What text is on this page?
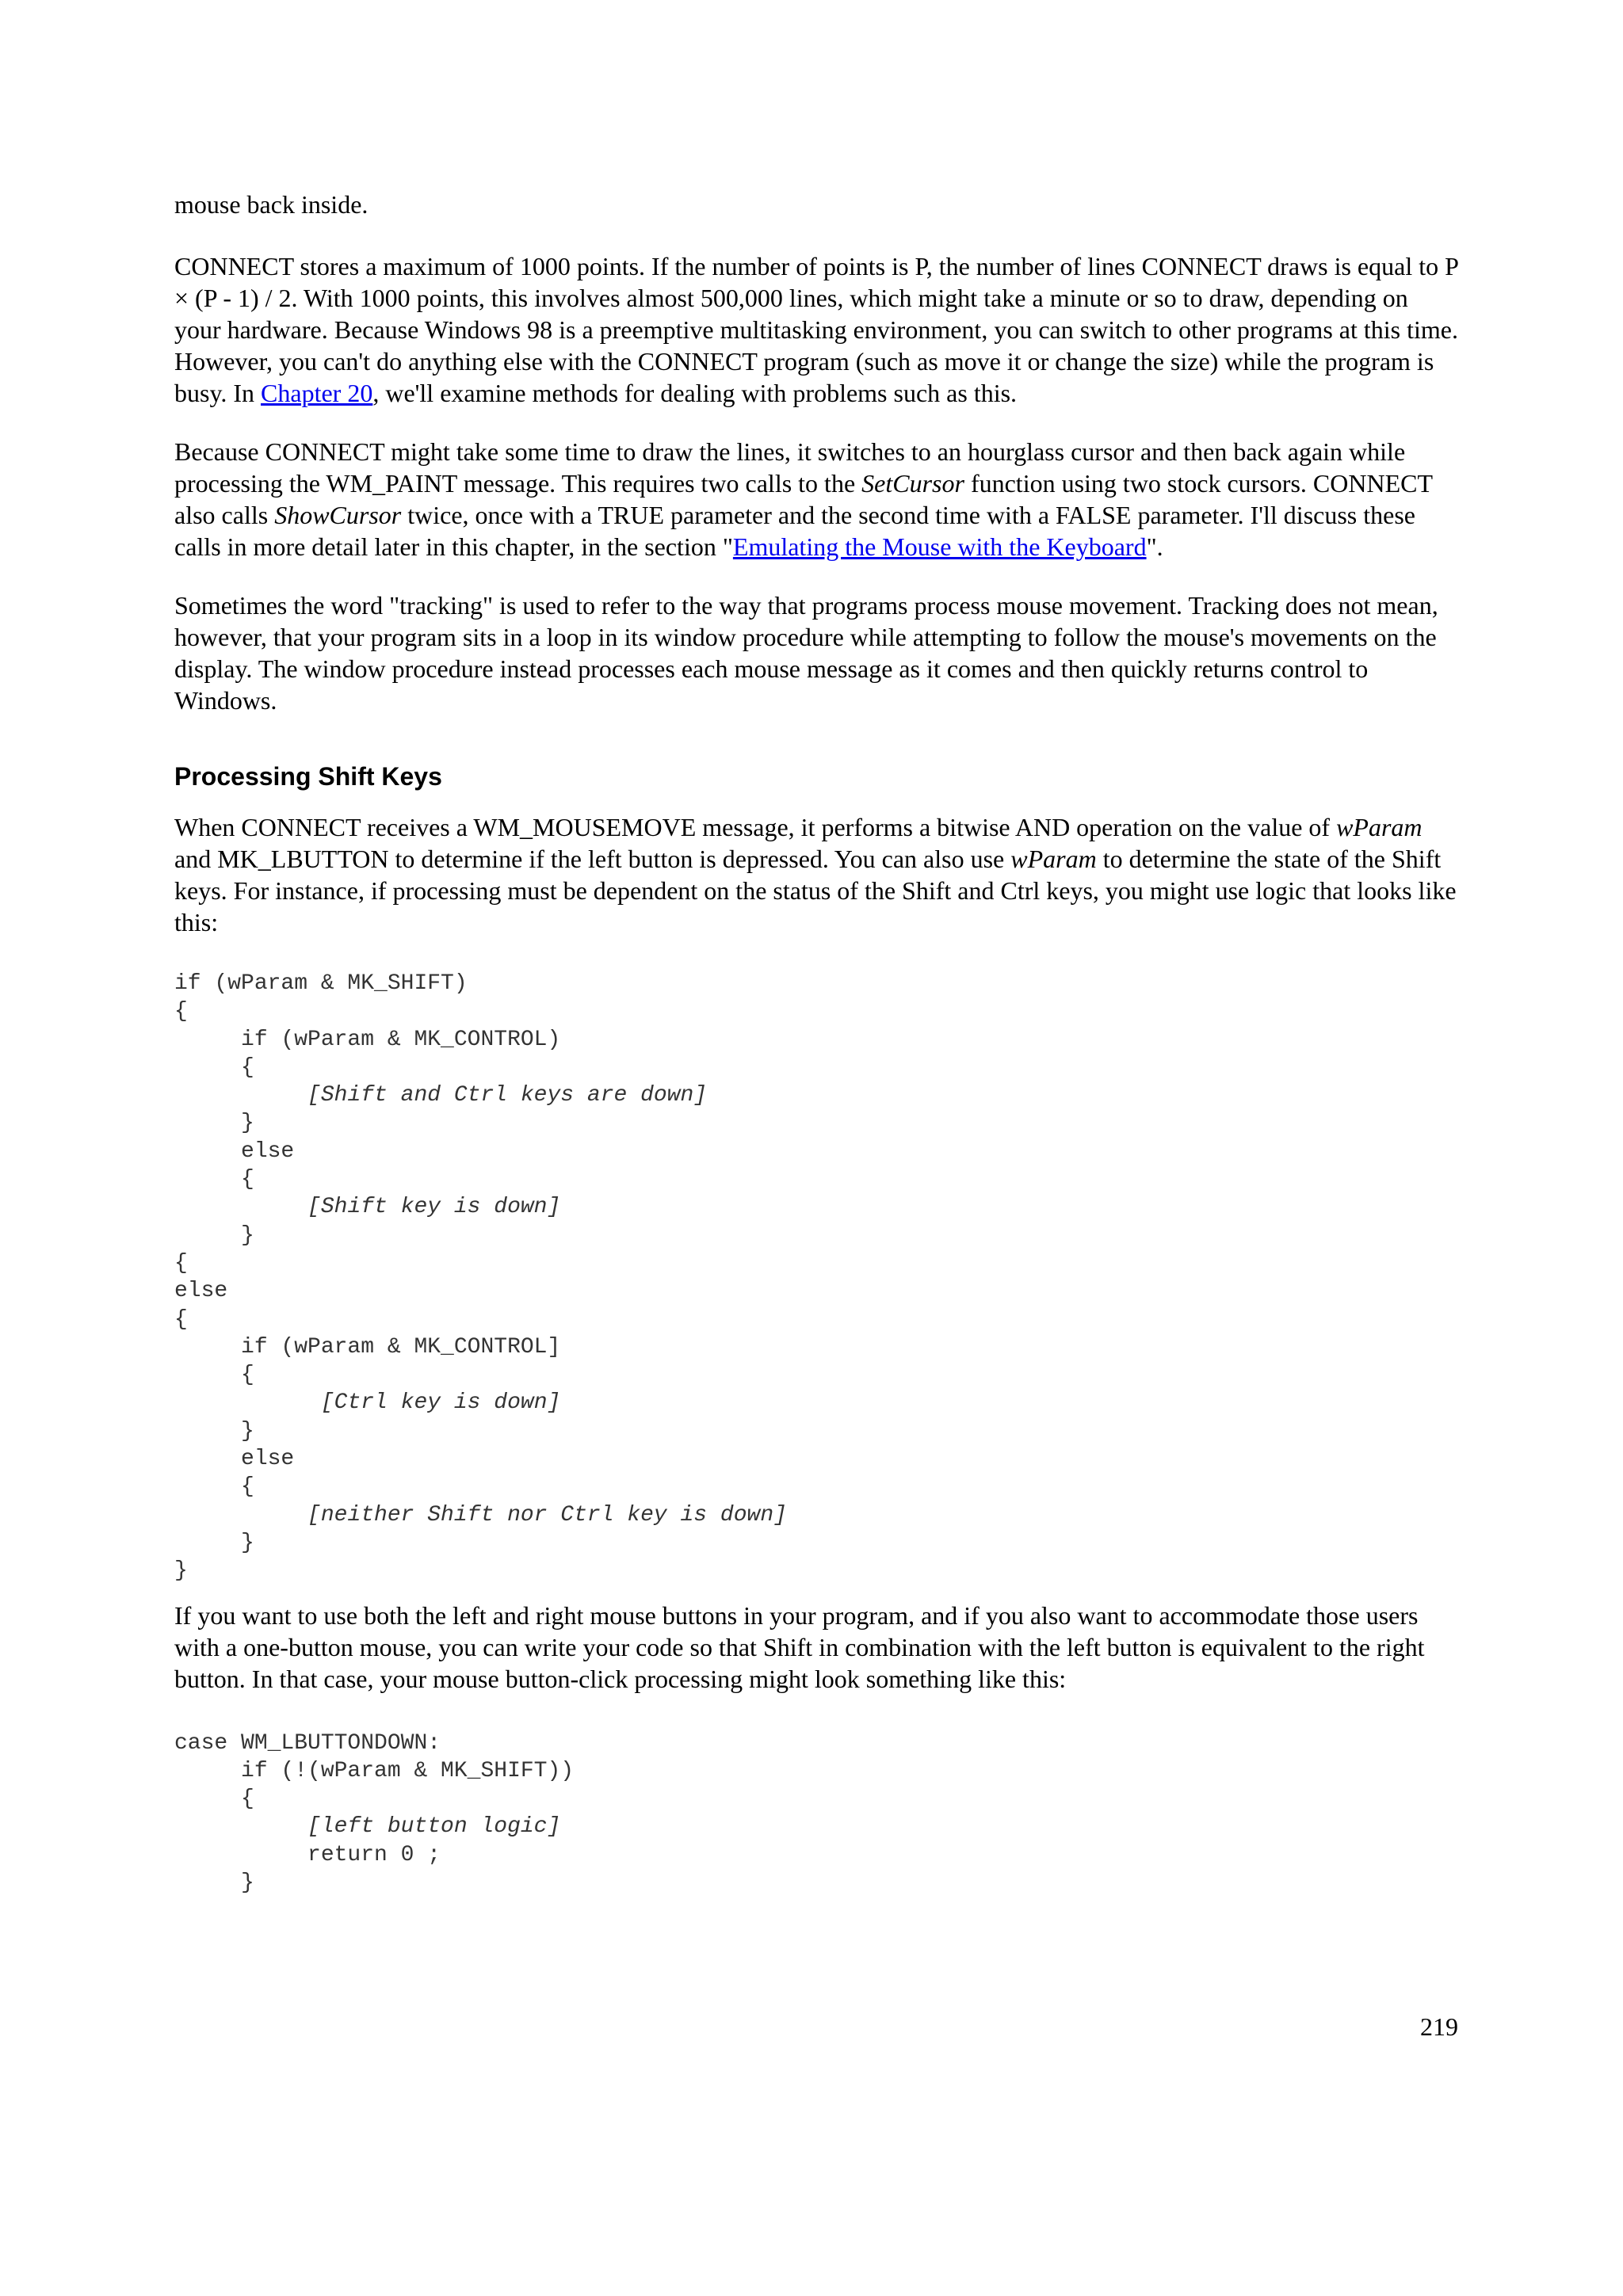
mouse back inside.

CONNECT stores a maximum of 1000 points. If the number of points is P, the number of lines CONNECT draws is equal to P × (P - 1) / 2. With 1000 points, this involves almost 500,000 lines, which might take a minute or so to draw, depending on your hardware. Because Windows 98 is a preemptive multitasking environment, you can switch to other programs at this time. However, you can't do anything else with the CONNECT program (such as move it or change the size) while the program is busy. In Chapter 20, we'll examine methods for dealing with problems such as this.

Because CONNECT might take some time to draw the lines, it switches to an hourglass cursor and then back again while processing the WM_PAINT message. This requires two calls to the SetCursor function using two stock cursors. CONNECT also calls ShowCursor twice, once with a TRUE parameter and the second time with a FALSE parameter. I'll discuss these calls in more detail later in this chapter, in the section "Emulating the Mouse with the Keyboard".

Sometimes the word "tracking" is used to refer to the way that programs process mouse movement. Tracking does not mean, however, that your program sits in a loop in its window procedure while attempting to follow the mouse's movements on the display. The window procedure instead processes each mouse message as it comes and then quickly returns control to Windows.

Processing Shift Keys

When CONNECT receives a WM_MOUSEMOVE message, it performs a bitwise AND operation on the value of wParam and MK_LBUTTON to determine if the left button is depressed. You can also use wParam to determine the state of the Shift keys. For instance, if processing must be dependent on the status of the Shift and Ctrl keys, you might use logic that looks like this:

if (wParam & MK_SHIFT)
{
if (wParam & MK_CONTROL)
{
[Shift and Ctrl keys are down]
}
else
{
[Shift key is down]
}
{
else
{
if (wParam & MK_CONTROL]
{
[Ctrl key is down]
}
else
{
[neither Shift nor Ctrl key is down]
}
}

If you want to use both the left and right mouse buttons in your program, and if you also want to accommodate those users with a one-button mouse, you can write your code so that Shift in combination with the left button is equivalent to the right button. In that case, your mouse button-click processing might look something like this:

case WM_LBUTTONDOWN:
if (!(wParam & MK_SHIFT))
{
[left button logic]
return 0 ;
}
219
